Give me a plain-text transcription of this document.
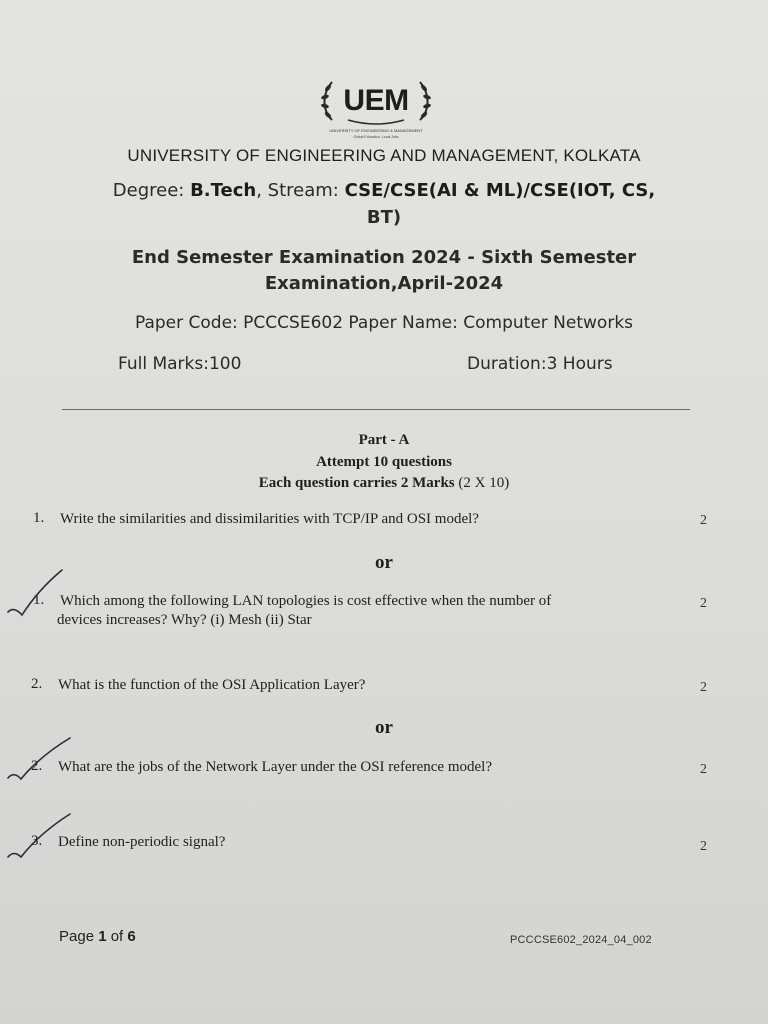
UEM
UNIVERSITY OF ENGINEERING & MANAGEMENT
Global Education, Local Jobs
UNIVERSITY OF ENGINEERING AND MANAGEMENT, KOLKATA
Degree: B.Tech, Stream: CSE/CSE(AI & ML)/CSE(IOT, CS,
BT)
End Semester Examination 2024 - Sixth Semester
Examination,April-2024
Paper Code: PCCCSE602 Paper Name: Computer Networks
Full Marks:100	Duration:3 Hours
Part - A
Attempt 10 questions
Each question carries 2 Marks (2 X 10)
1. Write the similarities and dissimilarities with TCP/IP and OSI model?	2
or
1. Which among the following LAN topologies is cost effective when the number of
devices increases? Why? (i) Mesh (ii) Star
2
2. What is the function of the OSI Application Layer?	2
or
2. What are the jobs of the Network Layer under the OSI reference model?	2
3. Define non-periodic signal?	2
Page 1 of 6	PCCCSE602_2024_04_002
